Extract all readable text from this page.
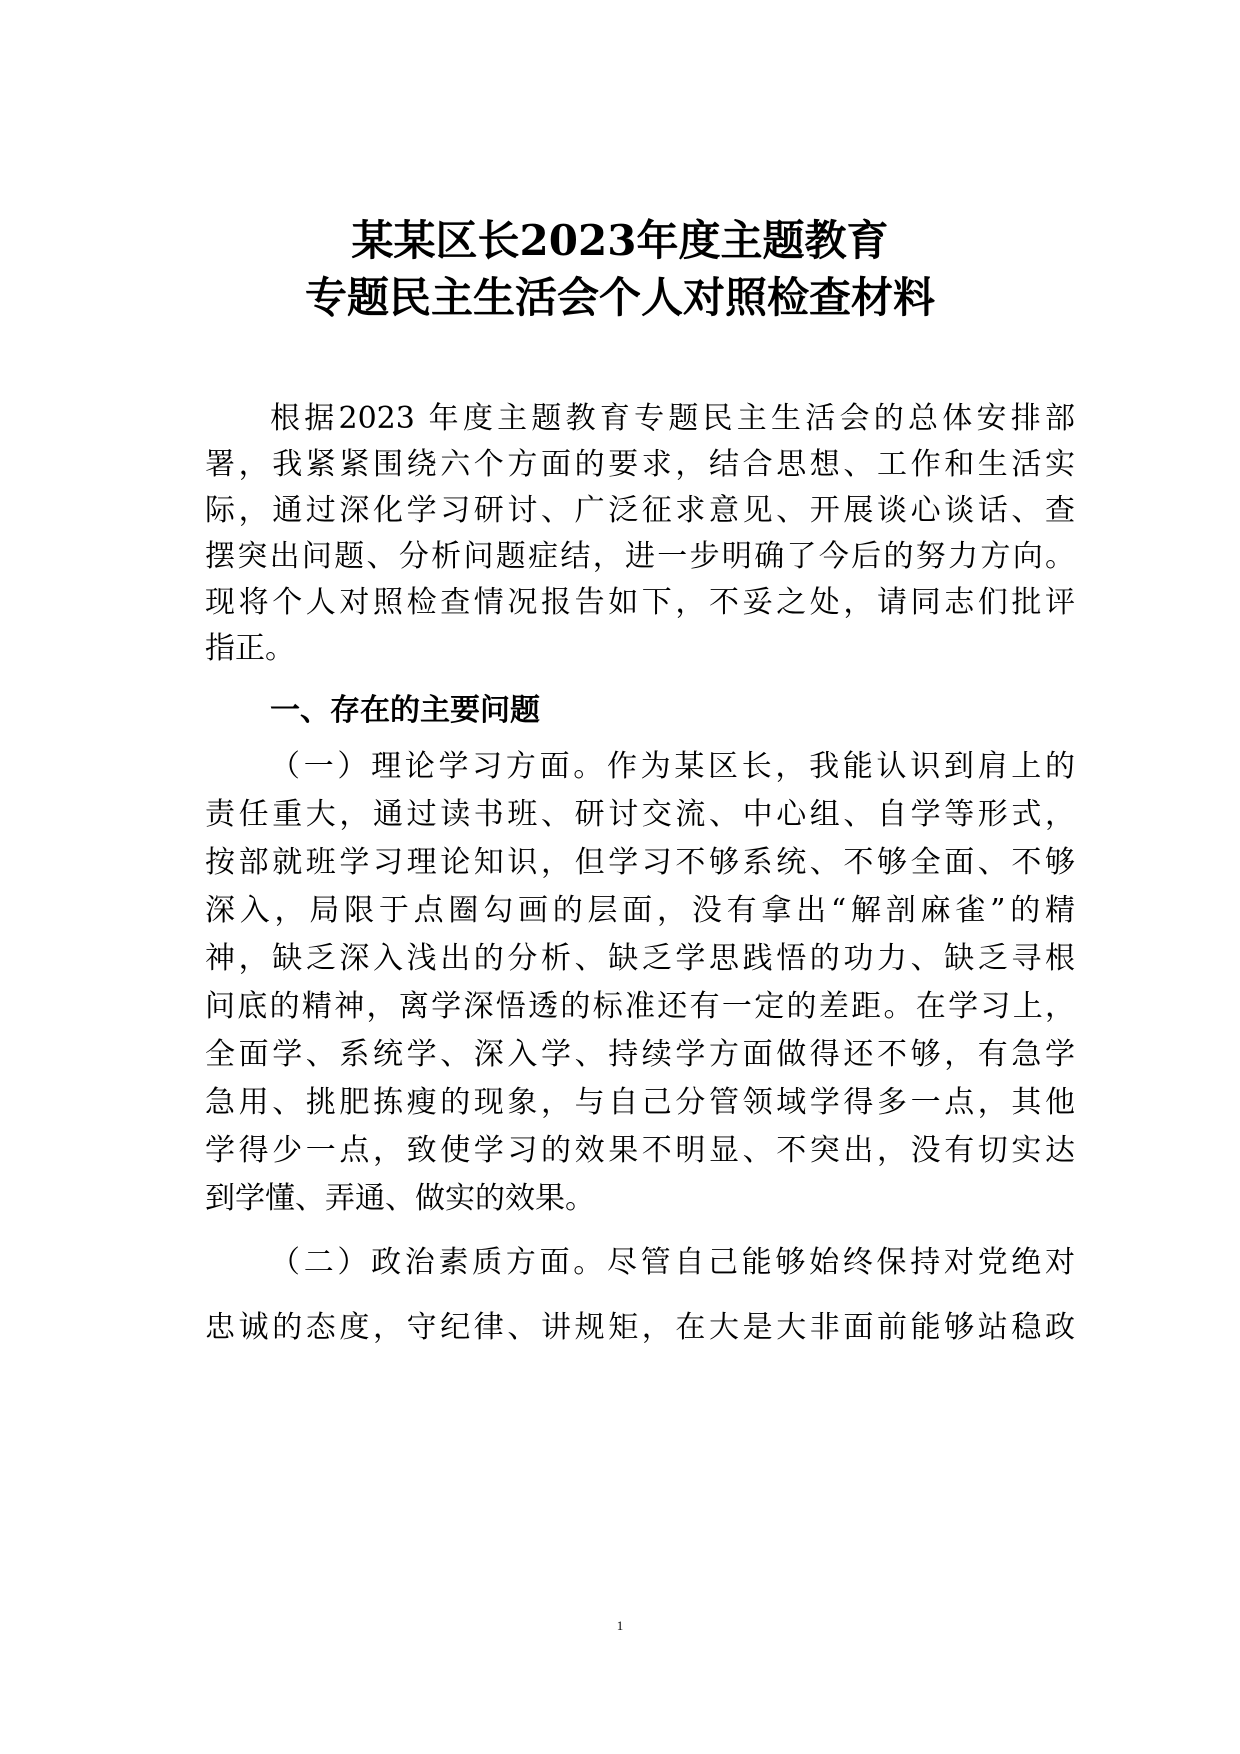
某某区长2023年度主题教育
专题民主生活会个人对照检查材料
根据2023 年度主题教育专题民主生活会的总体安排部
署，我紧紧围绕六个方面的要求，结合思想、工作和生活实
际，通过深化学习研讨、广泛征求意见、开展谈心谈话、查
摆突出问题、分析问题症结，进一步明确了今后的努力方向。
现将个人对照检查情况报告如下，不妥之处，请同志们批评
指正。
一、存在的主要问题
（一）理论学习方面。作为某区长，我能认识到肩上的
责任重大，通过读书班、研讨交流、中心组、自学等形式，
按部就班学习理论知识，但学习不够系统、不够全面、不够
深入，局限于点圈勾画的层面，没有拿出“解剖麻雀”的精
神，缺乏深入浅出的分析、缺乏学思践悟的功力、缺乏寻根
问底的精神，离学深悟透的标准还有一定的差距。在学习上，
全面学、系统学、深入学、持续学方面做得还不够，有急学
急用、挑肥拣瘦的现象，与自己分管领域学得多一点，其他
学得少一点，致使学习的效果不明显、不突出，没有切实达
到学懂、弄通、做实的效果。
（二）政治素质方面。尽管自己能够始终保持对党绝对
忠诚的态度，守纪律、讲规矩，在大是大非面前能够站稳政
1
